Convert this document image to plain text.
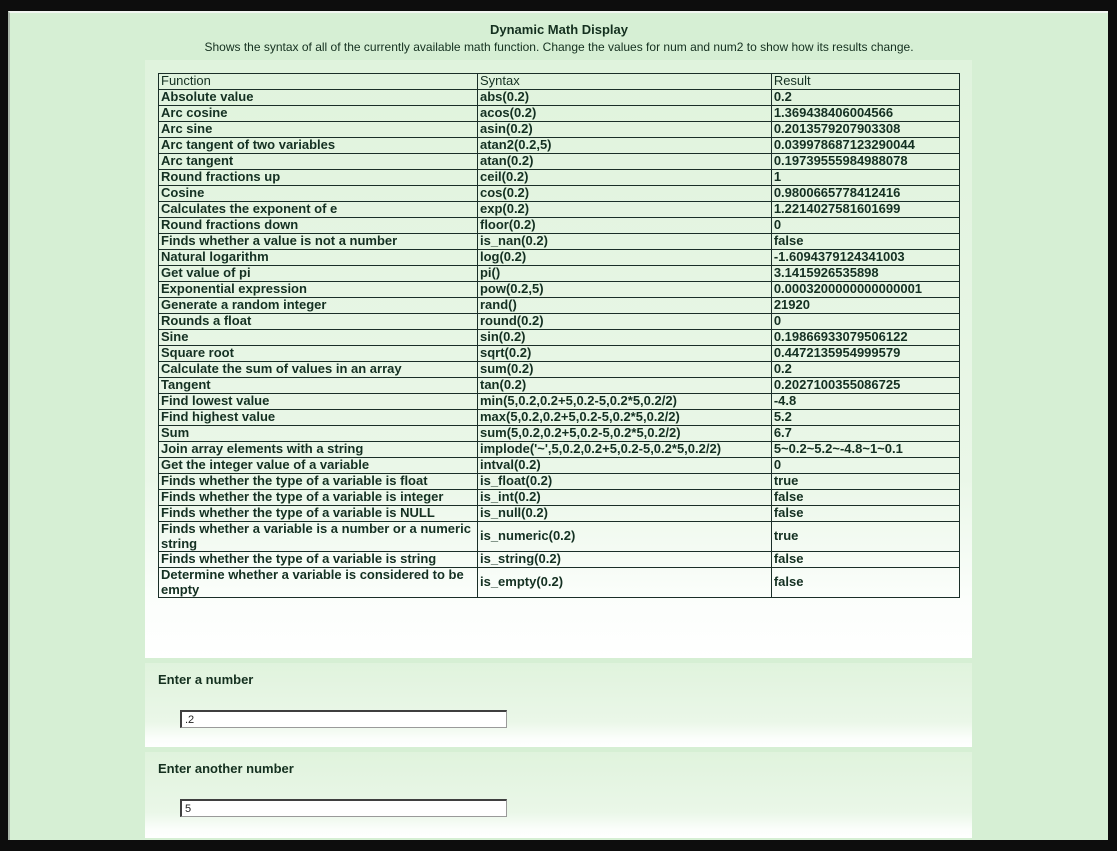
Dynamic Math Display
Shows the syntax of all of the currently available math function. Change the values for num and num2 to show how its results change.
Function	Syntax	Result
Absolute value	abs(0.2)	0.2
Arc cosine	acos(0.2)	1.369438406004566
Arc sine	asin(0.2)	0.2013579207903308
Arc tangent of two variables	atan2(0.2,5)	0.039978687123290044
Arc tangent	atan(0.2)	0.19739555984988078
Round fractions up	ceil(0.2)	1
Cosine	cos(0.2)	0.9800665778412416
Calculates the exponent of e	exp(0.2)	1.2214027581601699
Round fractions down	floor(0.2)	0
Finds whether a value is not a number	is_nan(0.2)	false
Natural logarithm	log(0.2)	-1.6094379124341003
Get value of pi	pi()	3.1415926535898
Exponential expression	pow(0.2,5)	0.0003200000000000001
Generate a random integer	rand()	21920
Rounds a float	round(0.2)	0
Sine	sin(0.2)	0.19866933079506122
Square root	sqrt(0.2)	0.4472135954999579
Calculate the sum of values in an array	sum(0.2)	0.2
Tangent	tan(0.2)	0.2027100355086725
Find lowest value	min(5,0.2,0.2+5,0.2-5,0.2*5,0.2/2)	-4.8
Find highest value	max(5,0.2,0.2+5,0.2-5,0.2*5,0.2/2)	5.2
Sum	sum(5,0.2,0.2+5,0.2-5,0.2*5,0.2/2)	6.7
Join array elements with a string	implode('~',5,0.2,0.2+5,0.2-5,0.2*5,0.2/2)	5~0.2~5.2~-4.8~1~0.1
Get the integer value of a variable	intval(0.2)	0
Finds whether the type of a variable is float	is_float(0.2)	true
Finds whether the type of a variable is integer	is_int(0.2)	false
Finds whether the type of a variable is NULL	is_null(0.2)	false
Finds whether a variable is a number or a numeric string	is_numeric(0.2)	true
Finds whether the type of a variable is string	is_string(0.2)	false
Determine whether a variable is considered to be empty	is_empty(0.2)	false
Enter a number
.2
Enter another number
5
